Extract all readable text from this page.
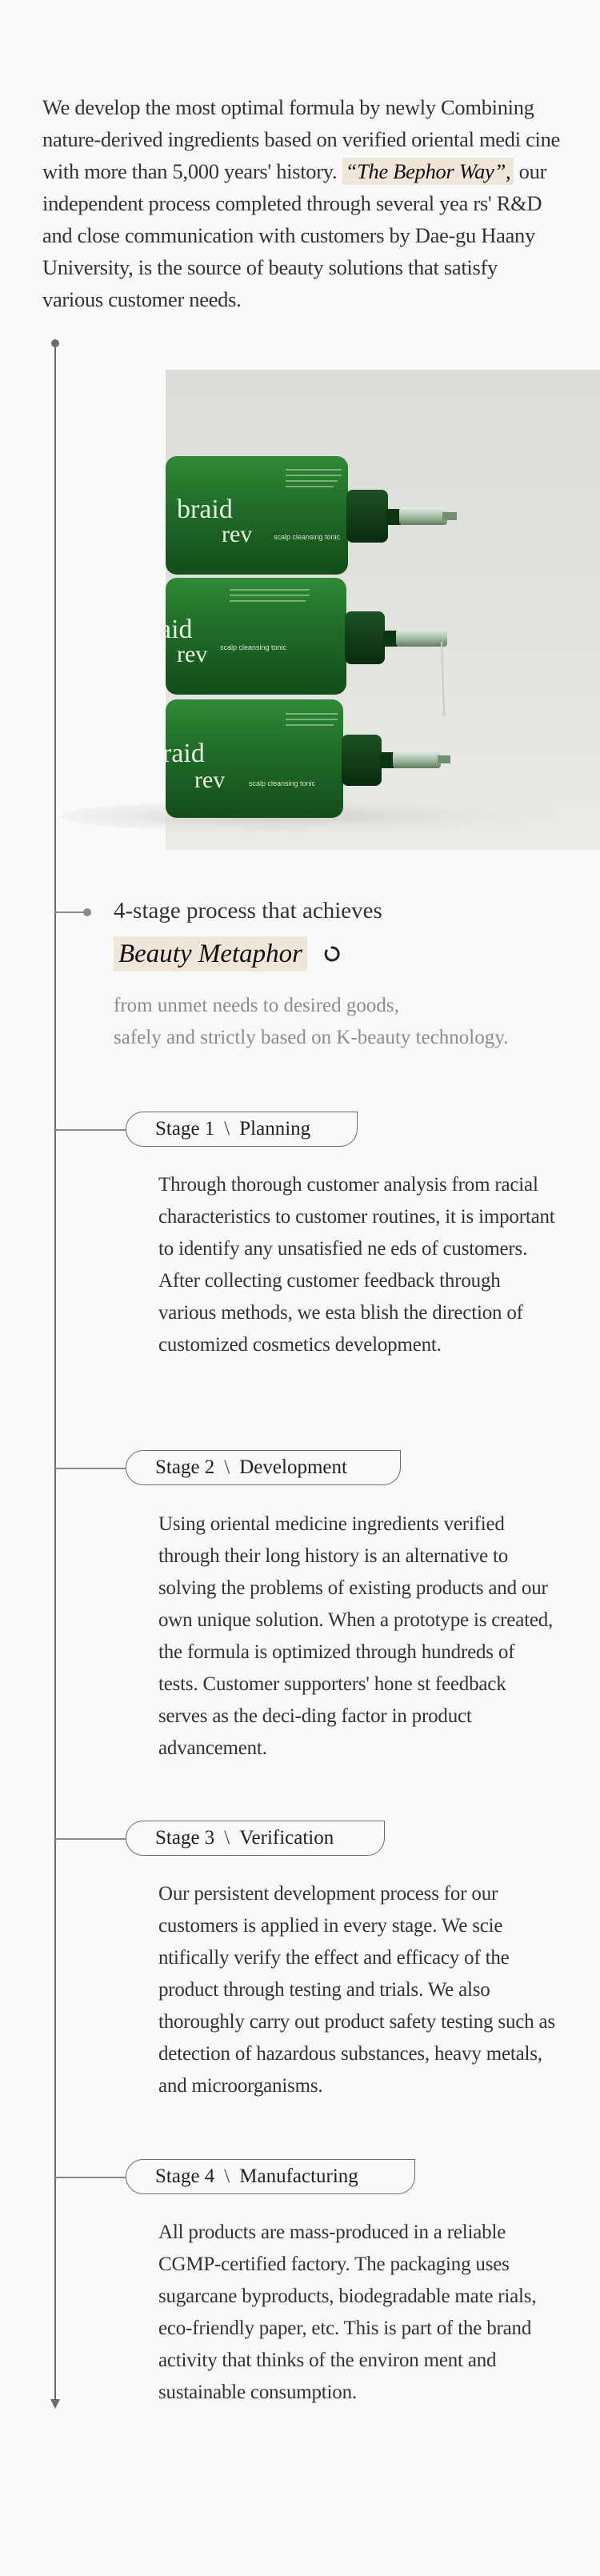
We develop the most optimal formula by newly Combining nature-derived ingredients based on verified oriental medi cine with more than 5,000 years' history. “The Bephor Way”, our independent process completed through several yea rs' R&D and close communication with customers by Dae-gu Haany University, is the source of beauty solutions that satisfy various customer needs.

braid
rev	scalp cleansing tonic
aid
rev scalp cleansing tonic
raid
rev	scalp cleansing tonic
4-stage process that achieves
Beauty Metaphor
from unmet needs to desired goods,
safely and strictly based on K-beauty technology.
Stage 1 \ Planning

Through thorough customer analysis from racial characteristics to customer routines, it is important to identify any unsatisfied ne eds of customers. After collecting customer feedback through various methods, we esta blish the direction of customized cosmetics development.

Stage 2 \ Development

Using oriental medicine ingredients verified through their long history is an alternative to solving the problems of existing products and our own unique solution. When a prototype is created, the formula is optimized through hundreds of tests. Customer supporters' hone st feedback serves as the deci-ding factor in product advancement.

Stage 3 \ Verification

Our persistent development process for our customers is applied in every stage. We scie ntifically verify the effect and efficacy of the product through testing and trials. We also thoroughly carry out product safety testing such as detection of hazardous substances, heavy metals, and microorganisms.

Stage 4 \ Manufacturing

All products are mass-produced in a reliable CGMP-certified factory. The packaging uses sugarcane byproducts, biodegradable mate rials, eco-friendly paper, etc. This is part of the brand activity that thinks of the environ ment and sustainable consumption.
